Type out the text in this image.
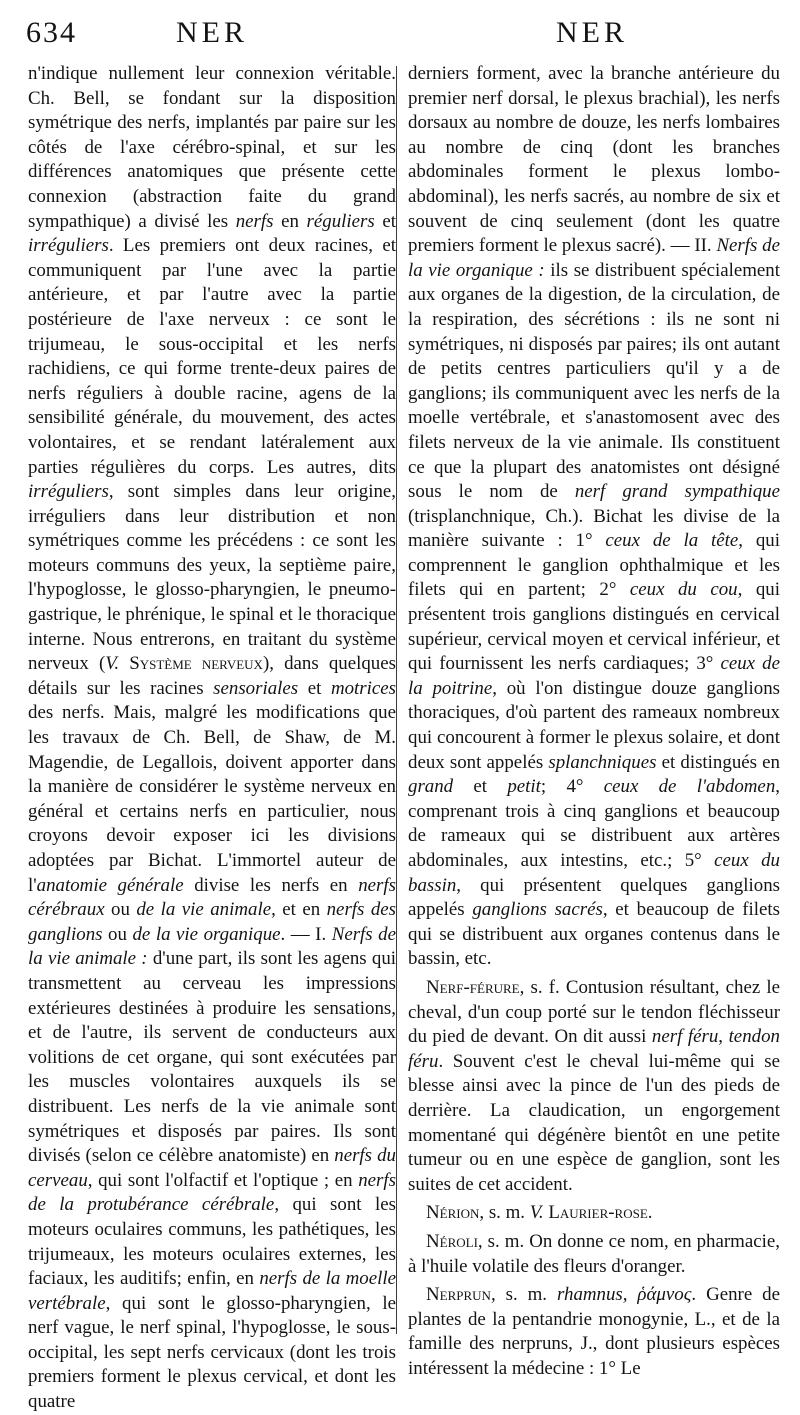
634	NER	NER

n'indique nullement leur connexion véritable. Ch. Bell, se fondant sur la disposition symétrique des nerfs, implantés par paire sur les côtés de l'axe cérébro-spinal, et sur les différences anatomiques que présente cette connexion (abstraction faite du grand sympathique) a divisé les nerfs en réguliers et irréguliers. Les premiers ont deux racines, et communiquent par l'une avec la partie antérieure, et par l'autre avec la partie postérieure de l'axe nerveux : ce sont le trijumeau, le sous-occipital et les nerfs rachidiens, ce qui forme trente-deux paires de nerfs réguliers à double racine, agens de la sensibilité générale, du mouvement, des actes volontaires, et se rendant latéralement aux parties régulières du corps. Les autres, dits irréguliers, sont simples dans leur origine, irréguliers dans leur distribution et non symétriques comme les précédens : ce sont les moteurs communs des yeux, la septième paire, l'hypoglosse, le glosso-pharyngien, le pneumo-gastrique, le phrénique, le spinal et le thoracique interne. Nous entrerons, en traitant du système nerveux (V. Système nerveux), dans quelques détails sur les racines sensoriales et motrices des nerfs. Mais, malgré les modifications que les travaux de Ch. Bell, de Shaw, de M. Magendie, de Legallois, doivent apporter dans la manière de considérer le système nerveux en général et certains nerfs en particulier, nous croyons devoir exposer ici les divisions adoptées par Bichat. L'immortel auteur de l'anatomie générale divise les nerfs en nerfs cérébraux ou de la vie animale, et en nerfs des ganglions ou de la vie organique. — I. Nerfs de la vie animale : d'une part, ils sont les agens qui transmettent au cerveau les impressions extérieures destinées à produire les sensations, et de l'autre, ils servent de conducteurs aux volitions de cet organe, qui sont exécutées par les muscles volontaires auxquels ils se distribuent. Les nerfs de la vie animale sont symétriques et disposés par paires. Ils sont divisés (selon ce célèbre anatomiste) en nerfs du cerveau, qui sont l'olfactif et l'optique ; en nerfs de la protubérance cérébrale, qui sont les moteurs oculaires communs, les pathétiques, les trijumeaux, les moteurs oculaires externes, les faciaux, les auditifs; enfin, en nerfs de la moelle vertébrale, qui sont le glosso-pharyngien, le nerf vague, le nerf spinal, l'hypoglosse, le sous-occipital, les sept nerfs cervicaux (dont les trois premiers forment le plexus cervical, et dont les quatre

derniers forment, avec la branche antérieure du premier nerf dorsal, le plexus brachial), les nerfs dorsaux au nombre de douze, les nerfs lombaires au nombre de cinq (dont les branches abdominales forment le plexus lombo-abdominal), les nerfs sacrés, au nombre de six et souvent de cinq seulement (dont les quatre premiers forment le plexus sacré). — II. Nerfs de la vie organique : ils se distribuent spécialement aux organes de la digestion, de la circulation, de la respiration, des sécrétions : ils ne sont ni symétriques, ni disposés par paires; ils ont autant de petits centres particuliers qu'il y a de ganglions; ils communiquent avec les nerfs de la moelle vertébrale, et s'anastomosent avec des filets nerveux de la vie animale. Ils constituent ce que la plupart des anatomistes ont désigné sous le nom de nerf grand sympathique (trisplanchnique, Ch.). Bichat les divise de la manière suivante : 1° ceux de la tête, qui comprennent le ganglion ophthalmique et les filets qui en partent; 2° ceux du cou, qui présentent trois ganglions distingués en cervical supérieur, cervical moyen et cervical inférieur, et qui fournissent les nerfs cardiaques; 3° ceux de la poitrine, où l'on distingue douze ganglions thoraciques, d'où partent des rameaux nombreux qui concourent à former le plexus solaire, et dont deux sont appelés splanchniques et distingués en grand et petit; 4° ceux de l'abdomen, comprenant trois à cinq ganglions et beaucoup de rameaux qui se distribuent aux artères abdominales, aux intestins, etc.; 5° ceux du bassin, qui présentent quelques ganglions appelés ganglions sacrés, et beaucoup de filets qui se distribuent aux organes contenus dans le bassin, etc.

Nerf-férure, s. f. Contusion résultant, chez le cheval, d'un coup porté sur le tendon fléchisseur du pied de devant. On dit aussi nerf féru, tendon féru. Souvent c'est le cheval lui-même qui se blesse ainsi avec la pince de l'un des pieds de derrière. La claudication, un engorgement momentané qui dégénère bientôt en une petite tumeur ou en une espèce de ganglion, sont les suites de cet accident.

Nérion, s. m. V. Laurier-rose.

Néroli, s. m. On donne ce nom, en pharmacie, à l'huile volatile des fleurs d'oranger.

Nerprun, s. m. rhamnus, ῥάμνος. Genre de plantes de la pentandrie monogynie, L., et de la famille des nerpruns, J., dont plusieurs espèces intéressent la médecine : 1° Le
